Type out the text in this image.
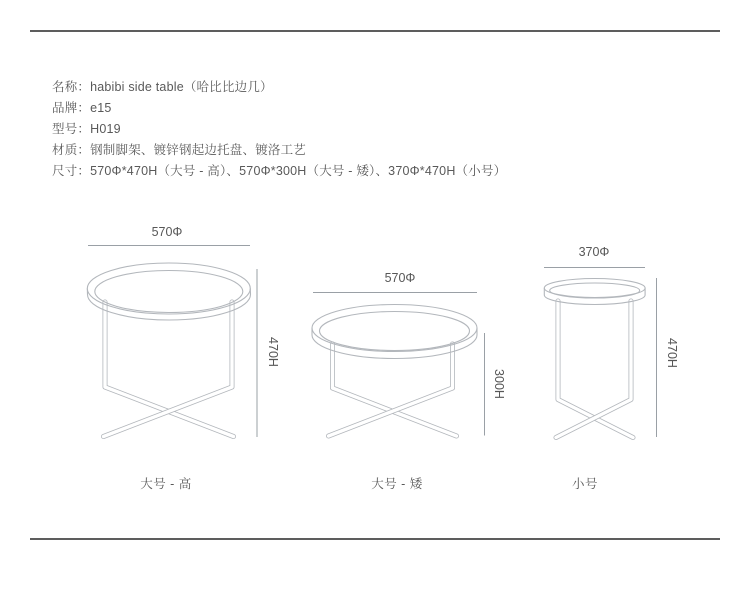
名称：habibi side table（哈比比边几）
品牌：e15
型号：H019
材质：钢制脚架、镀锌钢起边托盘、镀洛工艺
尺寸：570Φ*470H（大号 - 高）、570Φ*300H（大号 - 矮）、370Φ*470H（小号）
570Φ
470H
大号 - 高
570Φ
300H
大号 - 矮
370Φ
470H
小号
